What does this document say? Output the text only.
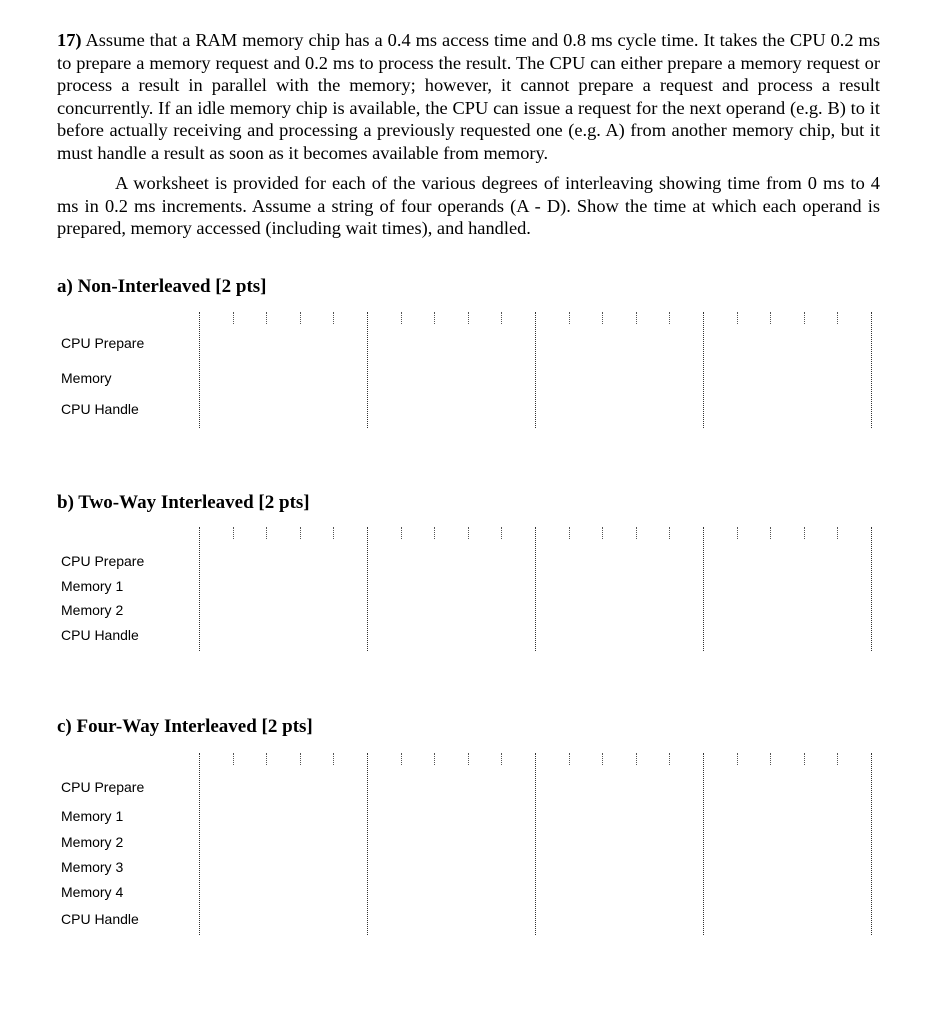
17) Assume that a RAM memory chip has a 0.4 ms access time and 0.8 ms cycle time. It takes the CPU 0.2 ms to prepare a memory request and 0.2 ms to process the result. The CPU can either prepare a memory request or process a result in parallel with the memory; however, it cannot prepare a request and process a result concurrently. If an idle memory chip is available, the CPU can issue a request for the next operand (e.g. B) to it before actually receiving and processing a previously requested one (e.g. A) from another memory chip, but it must handle a result as soon as it becomes available from memory.

A worksheet is provided for each of the various degrees of interleaving showing time from 0 ms to 4 ms in 0.2 ms increments. Assume a string of four operands (A - D). Show the time at which each operand is prepared, memory accessed (including wait times), and handled.

a) Non-Interleaved [2 pts]
CPU Prepare
Memory
CPU Handle
b) Two-Way Interleaved [2 pts]
CPU Prepare
Memory 1
Memory 2
CPU Handle
c) Four-Way Interleaved [2 pts]
CPU Prepare
Memory 1
Memory 2
Memory 3
Memory 4
CPU Handle
